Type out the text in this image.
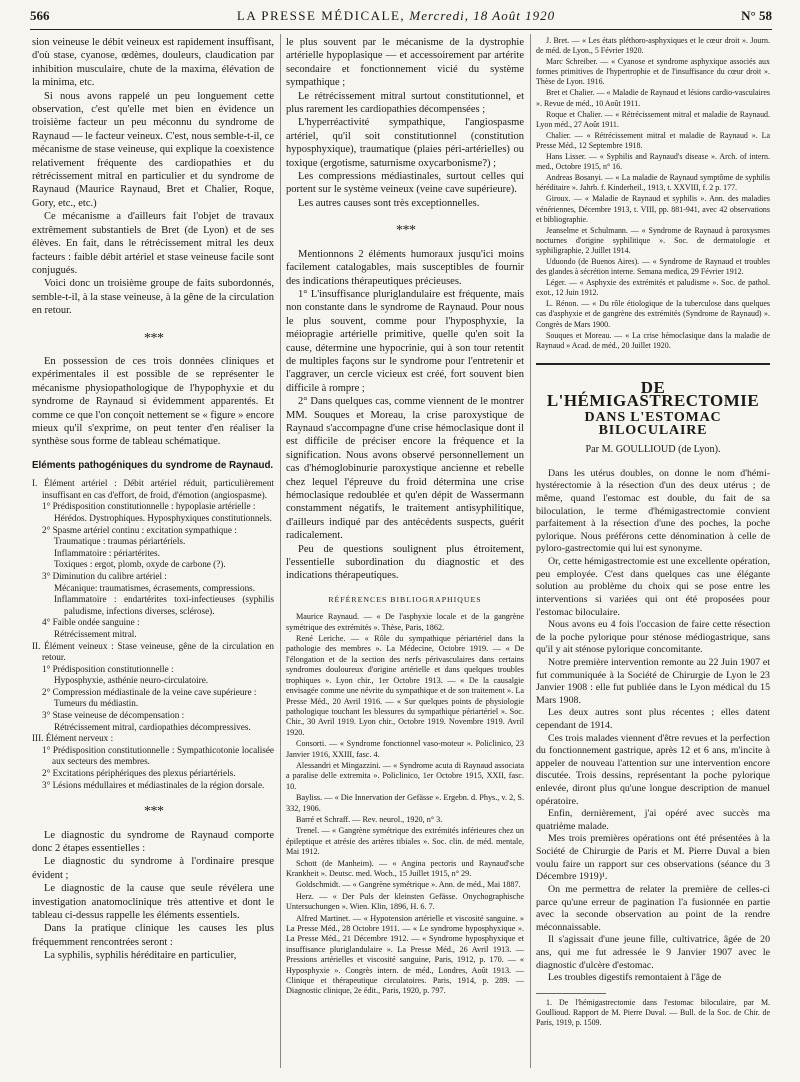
566	LA PRESSE MÉDICALE, Mercredi, 18 Août 1920	N° 58

sion veineuse le débit veineux est rapidement insuffisant, d'où stase, cyanose, œdèmes, douleurs, claudication par inhibition musculaire, chute de la maxima, élévation de la minima, etc.

Si nous avons rappelé un peu longuement cette observation, c'est qu'elle met bien en évidence un troisième facteur un peu méconnu du syndrome de Raynaud — le facteur veineux. C'est, nous semble-t-il, ce mécanisme de stase veineuse, qui explique la coexistence relativement fréquente des cardiopathies et du rétrécissement mitral en particulier et du syndrome de Raynaud (Maurice Raynaud, Bret et Chalier, Roque, Gory, etc., etc.)

Ce mécanisme a d'ailleurs fait l'objet de travaux extrêmement substantiels de Bret (de Lyon) et de ses élèves. En fait, dans le rétrécissement mitral les deux facteurs : faible débit artériel et stase veineuse facile sont conjugués.

Voici donc un troisième groupe de faits subordonnés, semble-t-il, à la stase veineuse, à la gêne de la circulation en retour.

* * *

En possession de ces trois données cliniques et expérimentales il est possible de se représenter le mécanisme physiopathologique de l'hypophyxie et du syndrome de Raynaud si évidemment apparentés. Et comme ce que l'on conçoit nettement se « figure » encore mieux qu'il s'exprime, on peut tenter d'en réaliser la synthèse sous forme de tableau schématique.

Eléments pathogéniques du syndrome de Raynaud.
I. Élément artériel : Débit artériel réduit, particulièrement insuffisant en cas d'effort, de froid, d'émotion (angiospasme).
1° Prédisposition constitutionnelle : hypoplasie artérielle :
Hérédos. Dystrophiques. Hyposphyxiques constitutionnels.
2° Spasme artériel continu : excitation sympathique :
Traumatique : traumas périartériels.
Inflammatoire : périartérites.
Toxiques : ergot, plomb, oxyde de carbone (?).
3° Diminution du calibre artériel :
Mécanique: traumatismes, écrasements, compressions.
Inflammatoire : endartérites toxi-infectieuses (syphilis paludisme, infections diverses, sclérose).
4° Faible ondée sanguine :
Rétrécissement mitral.
II. Élément veineux : Stase veineuse, gêne de la circulation en retour.
1° Prédisposition constitutionnelle :
Hyposphyxie, asthénie neuro-circulatoire.
2° Compression médiastinale de la veine cave supérieure :
Tumeurs du médiastin.
3° Stase veineuse de décompensation :
Rétrécissement mitral, cardiopathies décompressives.
III. Élément nerveux :
1° Prédisposition constitutionnelle : Sympathicotonie localisée aux secteurs des membres.
2° Excitations périphériques des plexus périartériels.
3° Lésions médullaires et médiastinales de la région dorsale.
* * *

Le diagnostic du syndrome de Raynaud comporte donc 2 étapes essentielles :

Le diagnostic du syndrome à l'ordinaire presque évident ;

Le diagnostic de la cause que seule révélera une investigation anatomoclinique très attentive et dont le tableau ci-dessus rappelle les éléments essentiels.

Dans la pratique clinique les causes les plus fréquemment rencontrées seront :

La syphilis, syphilis héréditaire en particulier,

le plus souvent par le mécanisme de la dystrophie artérielle hypoplasique — et accessoirement par artérite secondaire et fonctionnement vicié du système sympathique ;

Le rétrécissement mitral surtout constitutionnel, et plus rarement les cardiopathies décompensées ;

L'hyperréactivité sympathique, l'angiospasme artériel, qu'il soit constitutionnel (constitution hyposphyxique), traumatique (plaies péri-artérielles) ou toxique (ergotisme, saturnisme oxycarbonisme?) ;

Les compressions médiastinales, surtout celles qui portent sur le système veineux (veine cave supérieure).

Les autres causes sont très exceptionnelles.

* * *

Mentionnons 2 éléments humoraux jusqu'ici moins facilement catalogables, mais susceptibles de fournir des indications thérapeutiques précieuses.

1° L'insuffisance pluriglandulaire est fréquente, mais non constante dans le syndrome de Raynaud. Pour nous le plus souvent, comme pour l'hyposphyxie, la méiopragie artérielle primitive, quelle qu'en soit la cause, détermine une hypocrinie, qui à son tour retentit de multiples façons sur le syndrome pour l'entretenir et l'aggraver, un cercle vicieux est créé, fort souvent bien difficile à rompre ;

2° Dans quelques cas, comme viennent de le montrer MM. Souques et Moreau, la crise paroxystique de Raynaud s'accompagne d'une crise hémoclasique dont il est difficile de préciser encore la fréquence et la signification. Nous avons observé personnellement un cas d'hémoglobinurie paroxystique ancienne et rebelle chez lequel l'épreuve du froid détermina une crise hémoclasique redoublée et qu'en dépit de Wassermann constamment négatifs, le traitement antisyphilitique, d'ailleurs indiqué par des antécédents suspects, guérit radicalement.

Peu de questions soulignent plus étroitement, l'essentielle subordination du diagnostic et des indications thérapeutiques.

RÉFÉRENCES BIBLIOGRAPHIQUES

Maurice Raynaud. — « De l'asphyxie locale et de la gangrène symétrique des extrémités ». Thèse, Paris, 1862.

René Leriche. — « Rôle du sympathique périartériel dans la pathologie des membres ». La Médecine, Octobre 1919. — « De l'élongation et de la section des nerfs périvasculaires dans certains syndromes douloureux d'origine artérielle et dans quelques troubles trophiques ». Lyon chir., 1er Octobre 1913. — « De la causalgie envisagée comme une névrite du sympathique et de son traitement ». La Presse Méd., 20 Avril 1916. — « Sur quelques points de physiologie pathologique touchant les blessures du sympathique périartériel ». Soc. Chir., 30 Avril 1919. Lyon chir., Octobre 1919. Novembre 1919. Avril 1920.

Consorti. — « Syndrome fonctionnel vaso-moteur ». Policlinico, 23 Janvier 1916, XXIII, fasc. 4.

Alessandri et Mingazzini. — « Syndrome acuta di Raynaud associata a paralise delle extremita ». Policlinico, 1er Octobre 1915, XXII, fasc. 10.

Bayliss. — « Die Innervation der Gefässe ». Ergebn. d. Phys., v. 2, S. 332, 1906.

Barré et Schraff. — Rev. neurol., 1920, n° 3.

Trenel. — « Gangrène symétrique des extrémités inférieures chez un épileptique et atrésie des artères tibiales ». Soc. clin. de méd. mentale, Mai 1912.

Schott (de Manheim). — « Angina pectoris und Raynaud'sche Krankheit ». Deutsc. med. Woch., 15 Juillet 1915, n° 29.

Goldschmidt. — « Gangrène symétrique ». Ann. de méd., Mai 1887.

Herz. — « Der Puls der kleinsten Gefässe. Onychographische Untersuchungen ». Wien. Klin, 1896, H. 6. 7.

Alfred Martinet. — « Hypotension artérielle et viscosité sanguine. » La Presse Méd., 28 Octobre 1911. — « Le syndrome hyposphyxique ». La Presse Méd., 21 Décembre 1912. — « Syndrome hyposphyxique et insuffisance pluriglandulaire ». La Presse Méd., 26 Avril 1913. — Pressions artérielles et viscosité sanguine, Paris, 1912, p. 170. — « Hyposphyxie ». Congrès intern. de méd., Londres, Août 1913. — Clinique et thérapeutique circulatoires. Paris, 1914, p. 289. — Diagnostic clinique, 2e édit., Paris, 1920, p. 797.

J. Bret. — « Les états pléthoro-asphyxiques et le cœur droit ». Journ. de méd. de Lyon., 5 Février 1920.

Marc Schreiber. — « Cyanose et syndrome asphyxique associés aux formes primitives de l'hypertrophie et de l'insuffisance du cœur droit ». Thèse de Lyon. 1916.

Bret et Chalier. — « Maladie de Raynaud et lésions cardio-vasculaires ». Revue de méd., 10 Août 1911.

Roque et Chalier. — « Rétrécissement mitral et maladie de Raynaud. Lyon méd., 27 Août 1911.

Chalier. — « Rétrécissement mitral et maladie de Raynaud ». La Presse Méd., 12 Septembre 1918.

Hans Lisser. — « Syphilis and Raynaud's disease ». Arch. of intern. med., Octobre 1915, n° 16.

Andreas Bosanyi. — « La maladie de Raynaud symptôme de syphilis héréditaire ». Jahrb. f. Kinderheil., 1913, t. XXVIII, f. 2 p. 177.

Giroux. — « Maladie de Raynaud et syphilis ». Ann. des maladies vénériennes, Décembre 1913, t. VIII, pp. 881-941, avec 42 observations et bibliographie.

Jeanselme et Schulmann. — « Syndrome de Raynaud à paroxysmes nocturnes d'origine syphilitique ». Soc. de dermatologie et syphiligraphie, 2 Juillet 1914.

Uduondo (de Buenos Aires). — « Syndrome de Raynaud et troubles des glandes à sécrétion interne. Semana medica, 29 Février 1912.

Léger. — « Asphyxie des extrémités et paludisme ». Soc. de pathol. exot., 12 Juin 1912.

L. Rénon. — « Du rôle étiologique de la tuberculose dans quelques cas d'asphyxie et de gangrène des extrémités (Syndrome de Raynaud) ». Congrès de Mars 1900.

Souques et Moreau. — « La crise hémoclasique dans la maladie de Raynaud » Acad. de méd., 20 Juillet 1920.

DE L'HÉMIGASTRECTOMIE
DANS L'ESTOMAC BILOCULAIRE
Par M. GOULLIOUD (de Lyon).

Dans les utérus doubles, on donne le nom d'hémi-hystérectomie à la résection d'un des deux utérus ; de même, quand l'estomac est double, du fait de sa biloculation, le terme d'hémigastrectomie convient parfaitement à la résection d'une des poches, la poche pylorique. Nous préférons cette dénomination à celle de pyloro-gastrectomie qui lui est synonyme.

Or, cette hémigastrectomie est une excellente opération, peu employée. C'est dans quelques cas une élégante solution au problème du choix qui se pose entre les interventions si variées qui ont été proposées pour l'estomac biloculaire.

Nous avons eu 4 fois l'occasion de faire cette résection de la poche pylorique pour sténose médiogastrique, sans qu'il y ait sténose pylorique concomitante.

Notre première intervention remonte au 22 Juin 1907 et fut communiquée à la Société de Chirurgie de Lyon le 23 Janvier 1908 : elle fut publiée dans le Lyon médical du 15 Mars 1908.

Les deux autres sont plus récentes ; elles datent cependant de 1914.

Ces trois malades viennent d'être revues et la perfection du fonctionnement gastrique, après 12 et 6 ans, m'incite à appeler de nouveau l'attention sur une intervention encore discutée. Trois dessins, représentant la poche pylorique enlevée, diront plus qu'une longue description de manuel opératoire.

Enfin, dernièrement, j'ai opéré avec succès ma quatrième malade.

Mes trois premières opérations ont été présentées à la Société de Chirurgie de Paris et M. Pierre Duval a bien voulu faire un rapport sur ces observations (séance du 3 Décembre 1919)¹.

On me permettra de relater la première de celles-ci parce qu'une erreur de pagination l'a fusionnée en partie avec la seconde observation au point de la rendre méconnaissable.

Il s'agissait d'une jeune fille, cultivatrice, âgée de 20 ans, qui me fut adressée le 9 Janvier 1907 avec le diagnostic d'ulcère d'estomac.

Les troubles digestifs remontaient à l'âge de

1. De l'hémigastrectomie dans l'estomac biloculaire, par M. Goullioud. Rapport de M. Pierre Duval. — Bull. de la Soc. de Chir. de Paris, 1919, p. 1509.
